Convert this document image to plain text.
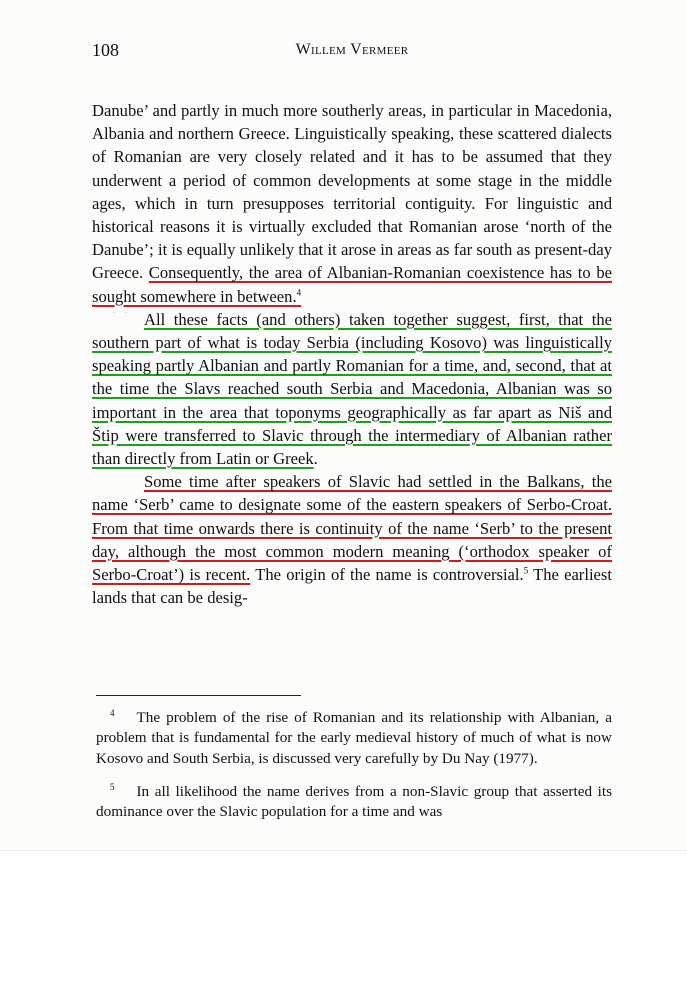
108	Willem Vermeer

Danube’ and partly in much more southerly areas, in particular in Macedonia, Albania and northern Greece. Linguistically speaking, these scattered dialects of Romanian are very closely related and it has to be assumed that they underwent a period of common developments at some stage in the middle ages, which in turn presupposes territorial contiguity. For linguistic and historical reasons it is virtually excluded that Romanian arose ‘north of the Danube’; it is equally unlikely that it arose in areas as far south as present-day Greece. Consequently, the area of Albanian-Romanian coexistence has to be sought somewhere in between.$^4$

All these facts (and others) taken together suggest, first, that the southern part of what is today Serbia (including Kosovo) was linguistically speaking partly Albanian and partly Romanian for a time, and, second, that at the time the Slavs reached south Serbia and Macedonia, Albanian was so important in the area that toponyms geographically as far apart as Niš and Štip were transferred to Slavic through the intermediary of Albanian rather than directly from Latin or Greek.

Some time after speakers of Slavic had settled in the Balkans, the name ‘Serb’ came to designate some of the eastern speakers of Serbo-Croat. From that time onwards there is continuity of the name ‘Serb’ to the present day, although the most common modern meaning (‘orthodox speaker of Serbo-Croat’) is recent. The origin of the name is controversial.$^5$ The earliest lands that can be desig-

$^4$ The problem of the rise of Romanian and its relationship with Albanian, a problem that is fundamental for the early medieval history of much of what is now Kosovo and South Serbia, is discussed very carefully by Du Nay (1977).

$^5$ In all likelihood the name derives from a non-Slavic group that asserted its dominance over the Slavic population for a time and was
